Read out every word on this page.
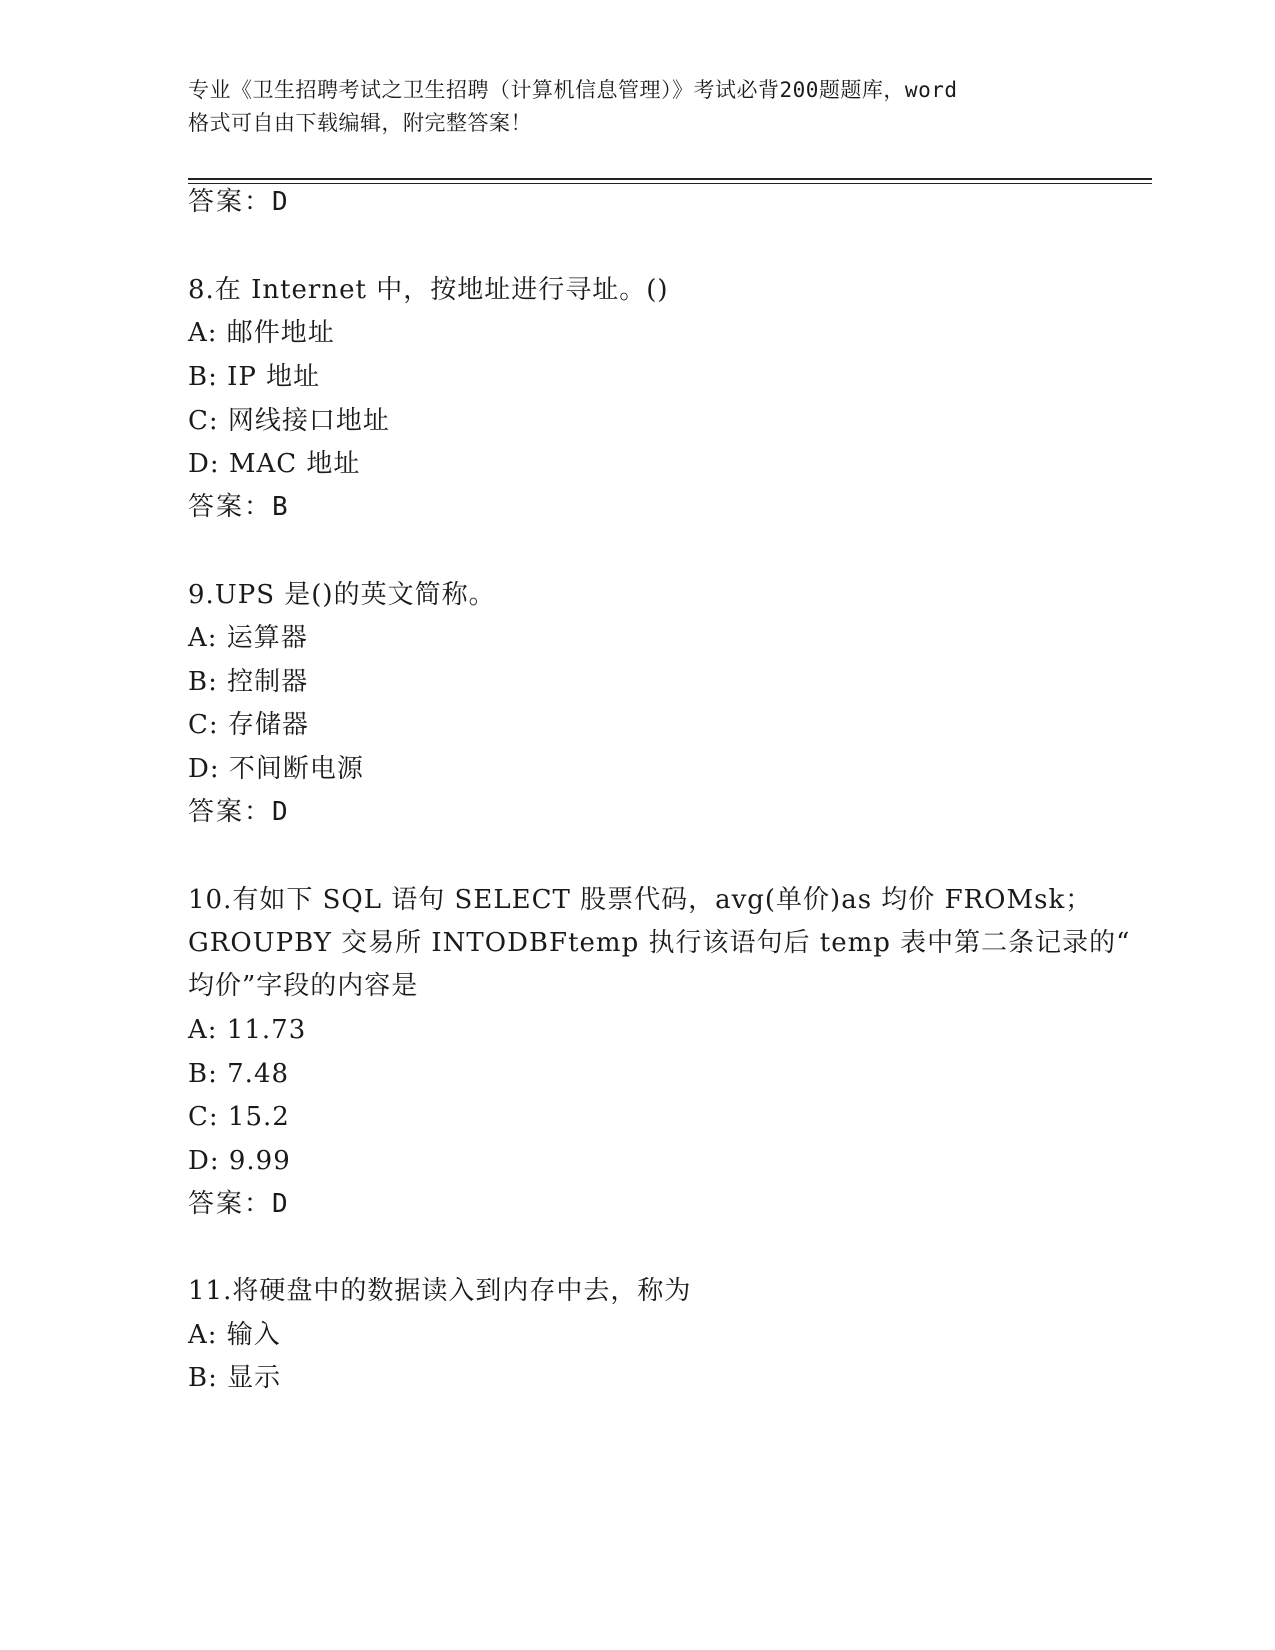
专业《卫生招聘考试之卫生招聘（计算机信息管理）》考试必背200题题库，word
格式可自由下载编辑，附完整答案！
答案：D
8.在 Internet 中，按地址进行寻址。()
A: 邮件地址
B: IP 地址
C: 网线接口地址
D: MAC 地址
答案：B
9.UPS 是()的英文简称。
A: 运算器
B: 控制器
C: 存储器
D: 不间断电源
答案：D
10.有如下 SQL 语句 SELECT 股票代码，avg(单价)as 均价 FROMsk；
GROUPBY 交易所 INTODBFtemp 执行该语句后 temp 表中第二条记录的“
均价”字段的内容是
A: 11.73
B: 7.48
C: 15.2
D: 9.99
答案：D
11.将硬盘中的数据读入到内存中去，称为
A: 输入
B: 显示
